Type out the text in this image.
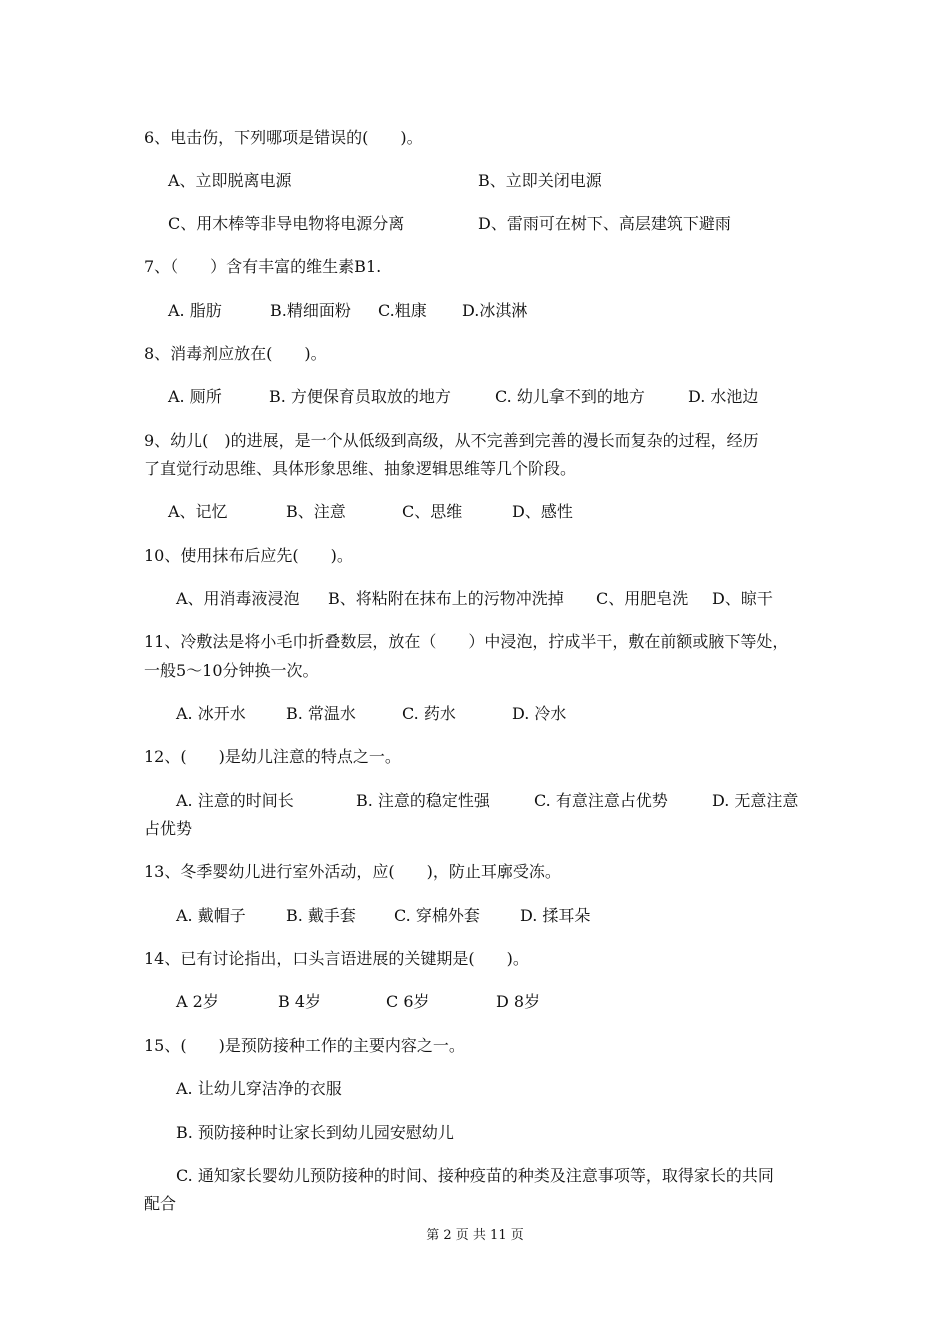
6、电击伤，下列哪项是错误的(　　)。
A、立即脱离电源	B、立即关闭电源
C、用木棒等非导电物将电源分离	D、雷雨可在树下、高层建筑下避雨
7、（　　）含有丰富的维生素B1.
A. 脂肪	B.精细面粉 C.粗康 D.冰淇淋
8、消毒剂应放在(　　)。
A. 厕所	B. 方便保育员取放的地方	C. 幼儿拿不到的地方	D. 水池边
9、幼儿(　)的进展，是一个从低级到高级，从不完善到完善的漫长而复杂的过程，经历
了直觉行动思维、具体形象思维、抽象逻辑思维等几个阶段。
A、记忆	B、注意	C、思维	D、感性
10、使用抹布后应先(　　)。
A、用消毒液浸泡 B、将粘附在抹布上的污物冲洗掉 C、用肥皂洗 D、晾干
11、冷敷法是将小毛巾折叠数层，放在（　　）中浸泡，拧成半干，敷在前额或腋下等处，
一般5～10分钟换一次。
A. 冰开水	B. 常温水	C. 药水	D. 冷水
12、(　　)是幼儿注意的特点之一。
A. 注意的时间长	B. 注意的稳定性强	C. 有意注意占优势	D. 无意注意
占优势
13、冬季婴幼儿进行室外活动，应(　　)，防止耳廓受冻。
A. 戴帽子	B. 戴手套 C. 穿棉外套	D. 揉耳朵
14、已有讨论指出，口头言语进展的关键期是(　　)。
A 2岁	B 4岁	C 6岁	D 8岁
15、(　　)是预防接种工作的主要内容之一。
A. 让幼儿穿洁净的衣服
B. 预防接种时让家长到幼儿园安慰幼儿
C. 通知家长婴幼儿预防接种的时间、接种疫苗的种类及注意事项等，取得家长的共同
配合
第 2 页 共 11 页
